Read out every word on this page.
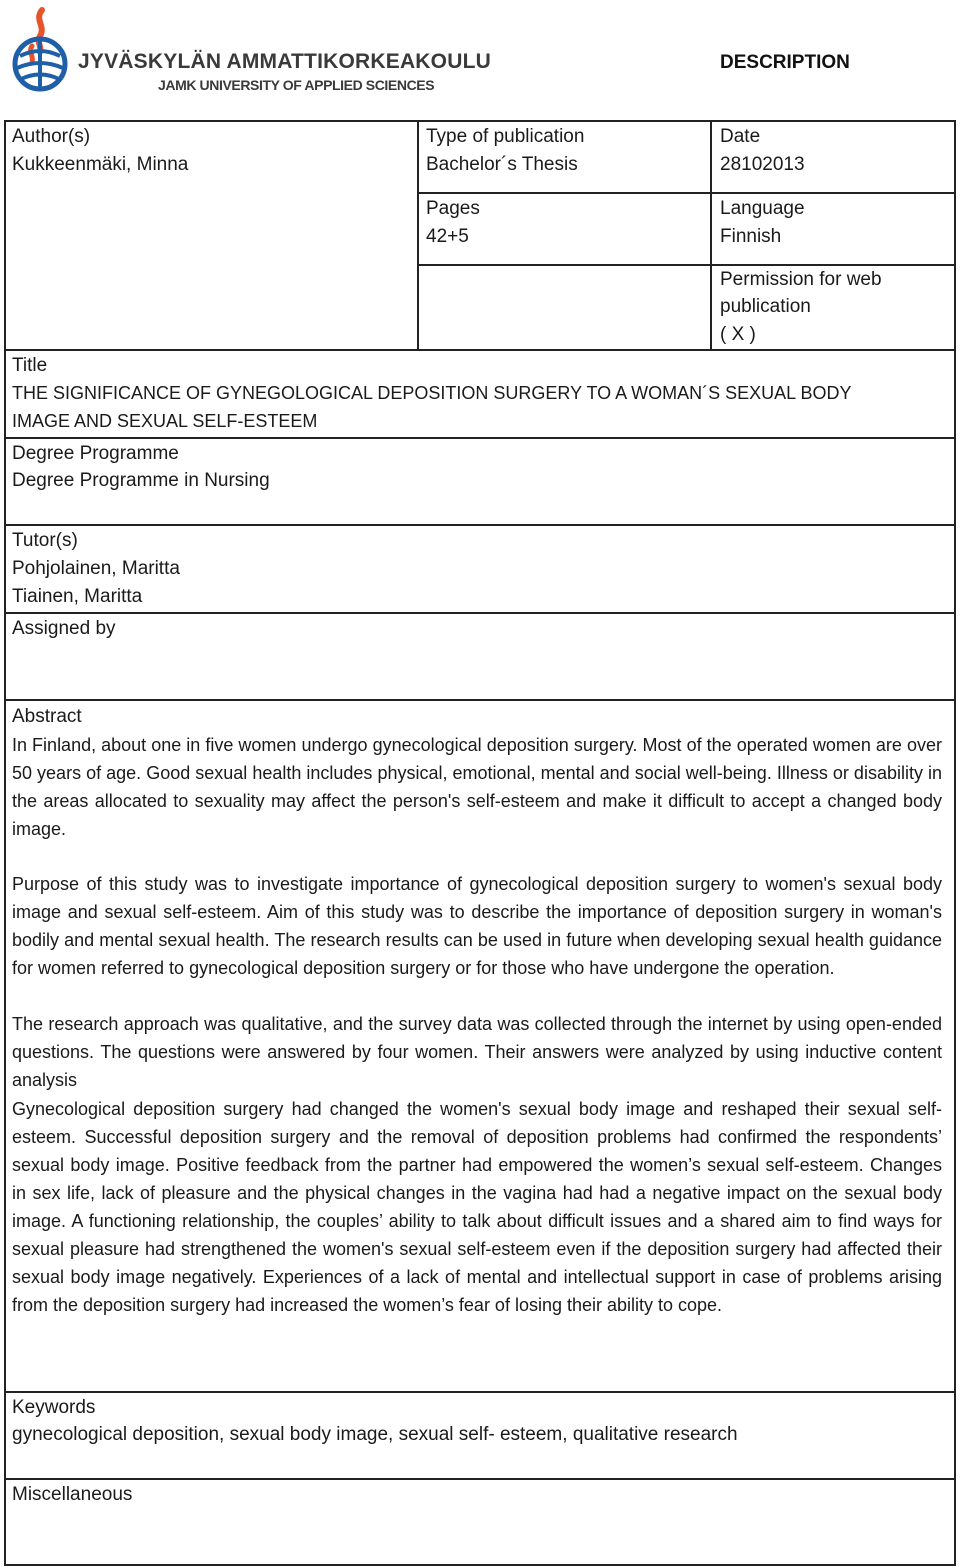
JYVÄSKYLÄN AMMATTIKORKEAKOULU
JAMK UNIVERSITY OF APPLIED SCIENCES
DESCRIPTION
Author(s)
Kukkeenmäki, Minna
Type of publication
Bachelor´s Thesis
Date
28102013
Pages
42+5
Language
Finnish
Permission for web
publication
( X )
Title
THE SIGNIFICANCE OF GYNEGOLOGICAL DEPOSITION SURGERY TO A WOMAN´S SEXUAL BODY
IMAGE AND SEXUAL SELF-ESTEEM
Degree Programme
Degree Programme in Nursing
Tutor(s)
Pohjolainen, Maritta
Tiainen, Maritta
Assigned by
Abstract
In Finland, about one in five women undergo gynecological deposition surgery. Most of the operated women are over 50 years of age. Good sexual health includes physical, emotional, mental and social well-being. Illness or disability in the areas allocated to sexuality may affect the person's self-esteem and make it difficult to accept a changed body image.
Purpose of this study was to investigate importance of gynecological deposition surgery to women's sexual body image and sexual self-esteem. Aim of this study was to describe the importance of deposition surgery in woman's bodily and mental sexual health. The research results can be used in future when developing sexual health guidance for women referred to gynecological deposition surgery or for those who have undergone the operation.
The research approach was qualitative, and the survey data was collected through the internet by using open-ended questions. The questions were answered by four women. Their answers were analyzed by using inductive content analysis
Gynecological deposition surgery had changed the women's sexual body image and reshaped their sexual self-esteem. Successful deposition surgery and the removal of deposition problems had confirmed the respondents’ sexual body image. Positive feedback from the partner had empowered the women’s sexual self-esteem. Changes in sex life, lack of pleasure and the physical changes in the vagina had had a negative impact on the sexual body image. A functioning relationship, the couples’ ability to talk about difficult issues and a shared aim to find ways for sexual pleasure had strengthened the women's sexual self-esteem even if the deposition surgery had affected their sexual body image negatively. Experiences of a lack of mental and intellectual support in case of problems arising from the deposition surgery had increased the women’s fear of losing their ability to cope.
Keywords
gynecological deposition, sexual body image, sexual self- esteem, qualitative research
Miscellaneous
